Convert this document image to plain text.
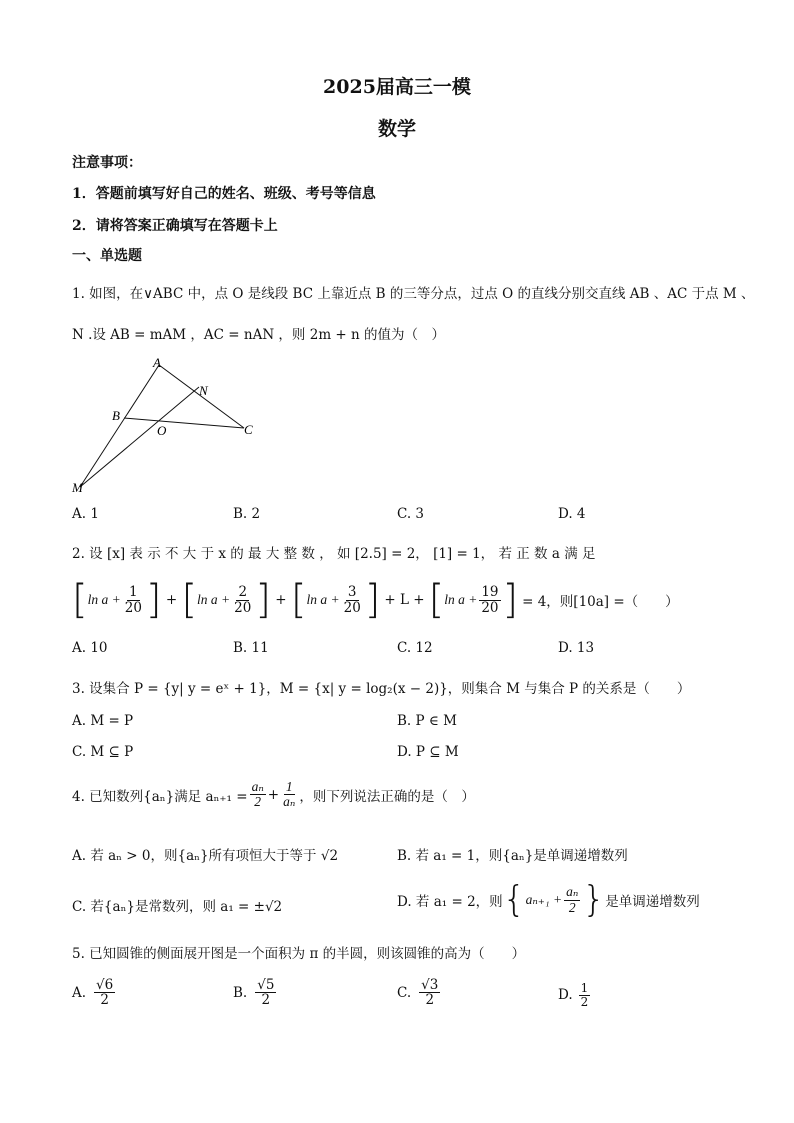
2025届高三一模
数学
注意事项：
1．答题前填写好自己的姓名、班级、考号等信息
2．请将答案正确填写在答题卡上
一、单选题
1. 如图，在∨ABC 中，点 O 是线段 BC 上靠近点 B 的三等分点，过点 O 的直线分别交直线 AB 、AC 于点 M 、
N .设 AB = mAM ，AC = nAN ，则 2m + n 的值为（　）
A
N
B
O	C
M
A. 1	B. 2	C. 3	D. 4
2. 设 [x] 表 示 不 大 于 x 的 最 大 整 数 ， 如 [2.5] = 2， [1] = 1， 若 正 数 a 满 足
[ $\ln a + \frac{1}{20}$ ] + [ $\ln a + \frac{2}{20}$ ] + [ $\ln a + \frac{3}{20}$ ] + L + [ $\ln a + \frac{19}{20}$ ] = 4，则[10a] =（　　）
A. 10	B. 11	C. 12	D. 13
3. 设集合 P = {y| y = eˣ + 1}，M = {x| y = log₂(x − 2)}，则集合 M 与集合 P 的关系是（　　）
A. M = P	B. P ∈ M
C. M ⊆ P	D. P ⊆ M
4. 已知数列{aₙ}满足 $a_{n+1} = \frac{\text{aₙ}}{2} + \frac{1}{\text{aₙ}}$ ，则下列说法正确的是（　）
A. 若 aₙ > 0，则{aₙ}所有项恒大于等于 √2	B. 若 a₁ = 1，则{aₙ}是单调递增数列
C. 若{aₙ}是常数列，则 a₁ = ±√2	D. 若 a₁ = 2，则 { $a_{n+1} + \frac{\text{aₙ}}{2}$ } 是单调递增数列
5. 已知圆锥的侧面展开图是一个面积为 π 的半圆，则该圆锥的高为（　　）
A. $\frac{√6}{2}$	B. $\frac{√5}{2}$	C. $\frac{√3}{2}$	D. $\frac{1}{2}$
